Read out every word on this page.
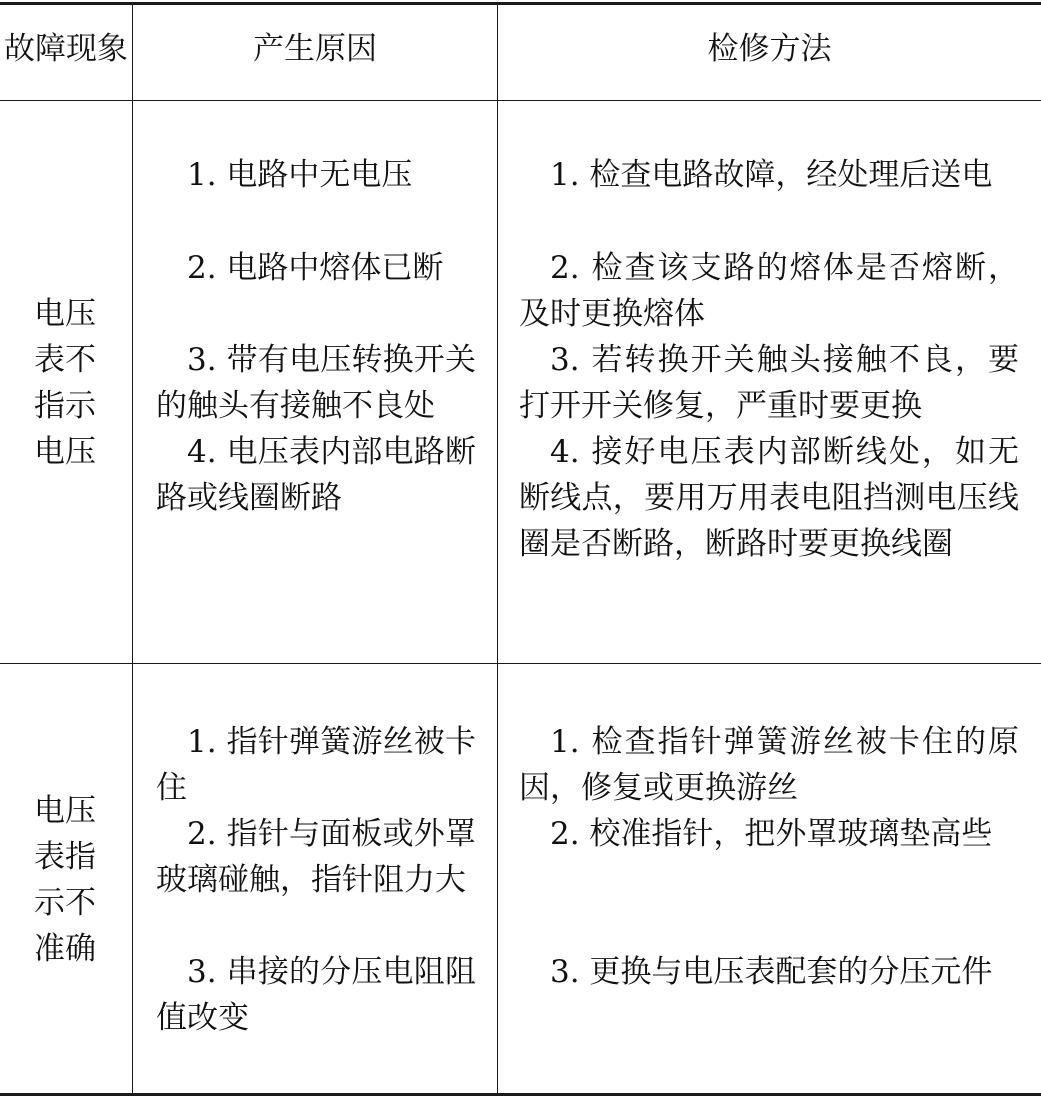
故障现象	产生原因	检修方法
电压
表不
指示
电压
1. 电路中无电压
2. 电路中熔体已断
3. 带有电压转换开关的触头有接触不良处
4. 电压表内部电路断路或线圈断路
1. 检查电路故障，经处理后送电
2. 检查该支路的熔体是否熔断，及时更换熔体
3. 若转换开关触头接触不良，要打开开关修复，严重时要更换
4. 接好电压表内部断线处，如无断线点，要用万用表电阻挡测电压线圈是否断路，断路时要更换线圈
电压
表指
示不
准确
1. 指针弹簧游丝被卡住
2. 指针与面板或外罩玻璃碰触，指针阻力大
3. 串接的分压电阻阻值改变
1. 检查指针弹簧游丝被卡住的原因，修复或更换游丝
2. 校准指针，把外罩玻璃垫高些
3. 更换与电压表配套的分压元件
